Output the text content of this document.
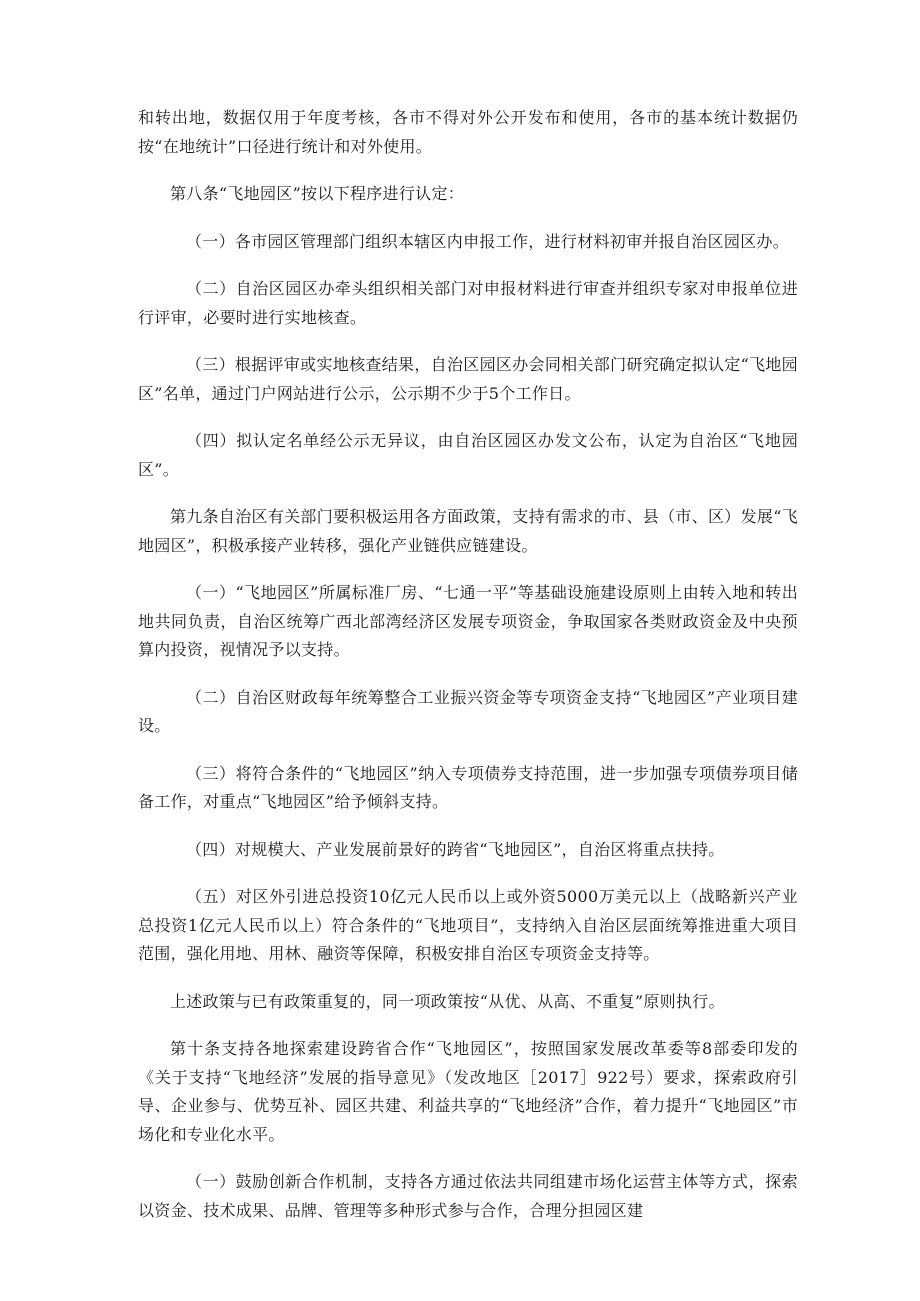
和转出地，数据仅用于年度考核，各市不得对外公开发布和使用，各市的基本统计数据仍按“在地统计”口径进行统计和对外使用。

第八条“飞地园区”按以下程序进行认定：

（一）各市园区管理部门组织本辖区内申报工作，进行材料初审并报自治区园区办。

（二）自治区园区办牵头组织相关部门对申报材料进行审查并组织专家对申报单位进行评审，必要时进行实地核查。

（三）根据评审或实地核查结果，自治区园区办会同相关部门研究确定拟认定“飞地园区”名单，通过门户网站进行公示，公示期不少于5个工作日。

（四）拟认定名单经公示无异议，由自治区园区办发文公布，认定为自治区“飞地园区”。

第九条自治区有关部门要积极运用各方面政策，支持有需求的市、县（市、区）发展“飞地园区”，积极承接产业转移，强化产业链供应链建设。

（一）“飞地园区”所属标准厂房、“七通一平”等基础设施建设原则上由转入地和转出地共同负责，自治区统筹广西北部湾经济区发展专项资金，争取国家各类财政资金及中央预算内投资，视情况予以支持。

（二）自治区财政每年统筹整合工业振兴资金等专项资金支持“飞地园区”产业项目建设。

（三）将符合条件的“飞地园区”纳入专项债券支持范围，进一步加强专项债券项目储备工作，对重点“飞地园区”给予倾斜支持。

（四）对规模大、产业发展前景好的跨省“飞地园区”，自治区将重点扶持。

（五）对区外引进总投资10亿元人民币以上或外资5000万美元以上（战略新兴产业总投资1亿元人民币以上）符合条件的“飞地项目”，支持纳入自治区层面统筹推进重大项目范围，强化用地、用林、融资等保障，积极安排自治区专项资金支持等。

上述政策与已有政策重复的，同一项政策按“从优、从高、不重复”原则执行。

第十条支持各地探索建设跨省合作“飞地园区”，按照国家发展改革委等8部委印发的《关于支持“飞地经济”发展的指导意见》（发改地区［2017］922号）要求，探索政府引导、企业参与、优势互补、园区共建、利益共享的“飞地经济”合作，着力提升“飞地园区”市场化和专业化水平。

（一）鼓励创新合作机制，支持各方通过依法共同组建市场化运营主体等方式，探索以资金、技术成果、品牌、管理等多种形式参与合作，合理分担园区建
